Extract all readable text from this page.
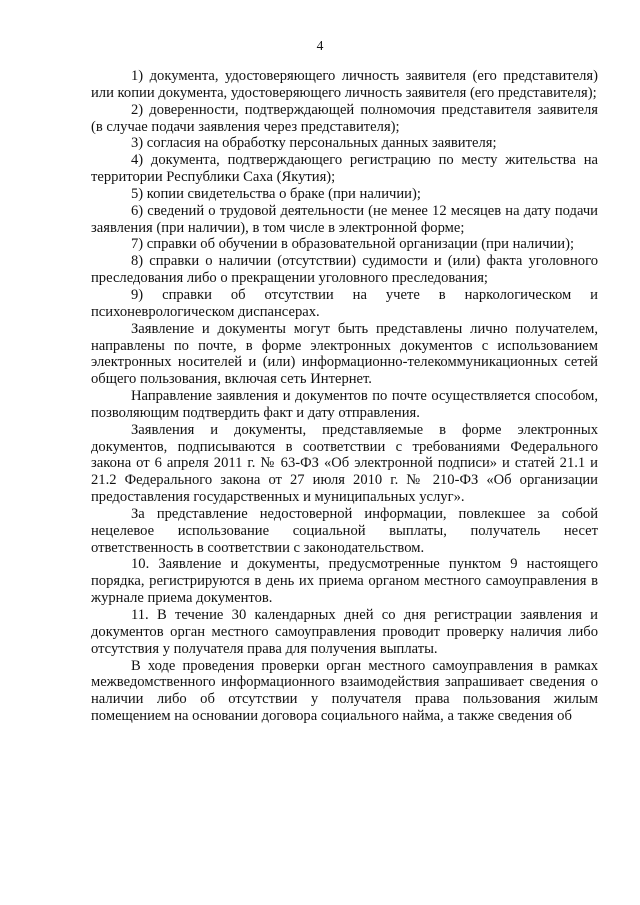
4

1) документа, удостоверяющего личность заявителя (его представителя) или копии документа, удостоверяющего личность заявителя (его представителя);

2) доверенности, подтверждающей полномочия представителя заявителя (в случае подачи заявления через представителя);

3) согласия на обработку персональных данных заявителя;

4) документа, подтверждающего регистрацию по месту жительства на территории Республики Саха (Якутия);

5) копии свидетельства о браке (при наличии);

6) сведений о трудовой деятельности (не менее 12 месяцев на дату подачи заявления (при наличии), в том числе в электронной форме;

7) справки об обучении в образовательной организации (при наличии);

8) справки о наличии (отсутствии) судимости и (или) факта уголовного преследования либо о прекращении уголовного преследования;

9) справки об отсутствии на учете в наркологическом и психоневрологическом диспансерах.

Заявление и документы могут быть представлены лично получателем, направлены по почте, в форме электронных документов с использованием электронных носителей и (или) информационно-телекоммуникационных сетей общего пользования, включая сеть Интернет.

Направление заявления и документов по почте осуществляется способом, позволяющим подтвердить факт и дату отправления.

Заявления и документы, представляемые в форме электронных документов, подписываются в соответствии с требованиями Федерального закона от 6 апреля 2011 г. № 63-ФЗ «Об электронной подписи» и статей 21.1 и 21.2 Федерального закона от 27 июля 2010 г. № 210-ФЗ «Об организации предоставления государственных и муниципальных услуг».

За представление недостоверной информации, повлекшее за собой нецелевое использование социальной выплаты, получатель несет ответственность в соответствии с законодательством.

10. Заявление и документы, предусмотренные пунктом 9 настоящего порядка, регистрируются в день их приема органом местного самоуправления в журнале приема документов.

11. В течение 30 календарных дней со дня регистрации заявления и документов орган местного самоуправления проводит проверку наличия либо отсутствия у получателя права для получения выплаты.

В ходе проведения проверки орган местного самоуправления в рамках межведомственного информационного взаимодействия запрашивает сведения о наличии либо об отсутствии у получателя права пользования жилым помещением на основании договора социального найма, а также сведения об
